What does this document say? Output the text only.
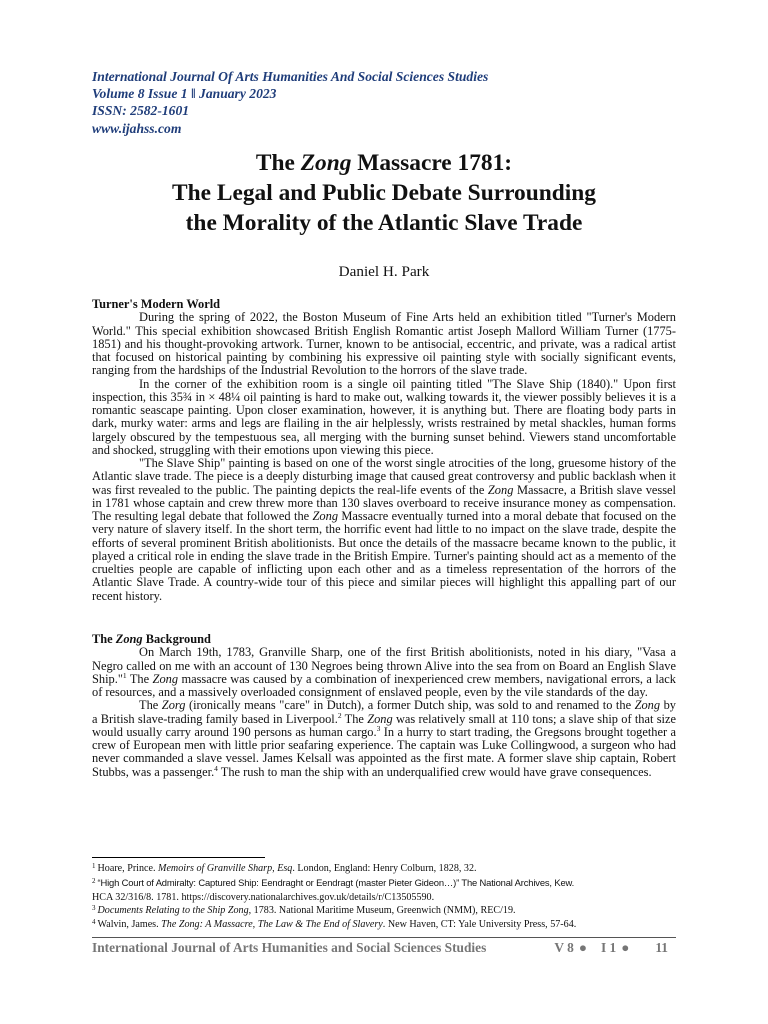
International Journal Of Arts Humanities And Social Sciences Studies
Volume 8 Issue 1 ‖ January 2023
ISSN: 2582-1601
www.ijahss.com
The Zong Massacre 1781:
The Legal and Public Debate Surrounding
the Morality of the Atlantic Slave Trade
Daniel H. Park
Turner's Modern World

During the spring of 2022, the Boston Museum of Fine Arts held an exhibition titled "Turner's Modern World." This special exhibition showcased British English Romantic artist Joseph Mallord William Turner (1775-1851) and his thought-provoking artwork. Turner, known to be antisocial, eccentric, and private, was a radical artist that focused on historical painting by combining his expressive oil painting style with socially significant events, ranging from the hardships of the Industrial Revolution to the horrors of the slave trade.

In the corner of the exhibition room is a single oil painting titled "The Slave Ship (1840)." Upon first inspection, this 35¾ in × 48¼ oil painting is hard to make out, walking towards it, the viewer possibly believes it is a romantic seascape painting. Upon closer examination, however, it is anything but. There are floating body parts in dark, murky water: arms and legs are flailing in the air helplessly, wrists restrained by metal shackles, human forms largely obscured by the tempestuous sea, all merging with the burning sunset behind. Viewers stand uncomfortable and shocked, struggling with their emotions upon viewing this piece.

"The Slave Ship" painting is based on one of the worst single atrocities of the long, gruesome history of the Atlantic slave trade. The piece is a deeply disturbing image that caused great controversy and public backlash when it was first revealed to the public. The painting depicts the real-life events of the Zong Massacre, a British slave vessel in 1781 whose captain and crew threw more than 130 slaves overboard to receive insurance money as compensation. The resulting legal debate that followed the Zong Massacre eventually turned into a moral debate that focused on the very nature of slavery itself. In the short term, the horrific event had little to no impact on the slave trade, despite the efforts of several prominent British abolitionists. But once the details of the massacre became known to the public, it played a critical role in ending the slave trade in the British Empire. Turner's painting should act as a memento of the cruelties people are capable of inflicting upon each other and as a timeless representation of the horrors of the Atlantic Slave Trade. A country-wide tour of this piece and similar pieces will highlight this appalling part of our recent history.

The Zong Background

On March 19th, 1783, Granville Sharp, one of the first British abolitionists, noted in his diary, "Vasa a Negro called on me with an account of 130 Negroes being thrown Alive into the sea from on Board an English Slave Ship."$^1$ The Zong massacre was caused by a combination of inexperienced crew members, navigational errors, a lack of resources, and a massively overloaded consignment of enslaved people, even by the vile standards of the day.

The Zorg (ironically means "care" in Dutch), a former Dutch ship, was sold to and renamed to the Zong by a British slave-trading family based in Liverpool.$^2$ The Zong was relatively small at 110 tons; a slave ship of that size would usually carry around 190 persons as human cargo.$^3$ In a hurry to start trading, the Gregsons brought together a crew of European men with little prior seafaring experience. The captain was Luke Collingwood, a surgeon who had never commanded a slave vessel. James Kelsall was appointed as the first mate. A former slave ship captain, Robert Stubbs, was a passenger.$^4$ The rush to man the ship with an underqualified crew would have grave consequences.

$^1$ Hoare, Prince. Memoirs of Granville Sharp, Esq. London, England: Henry Colburn, 1828, 32.
$^2$ “High Court of Admiralty: Captured Ship: Eendraght or Eendragt (master Pieter Gideon…)” The National Archives, Kew.
HCA 32/316/8. 1781. https://discovery.nationalarchives.gov.uk/details/r/C13505590.
$^3$ Documents Relating to the Ship Zong, 1783. National Maritime Museum, Greenwich (NMM), REC/19.
$^4$ Walvin, James. The Zong: A Massacre, The Law & The End of Slavery. New Haven, CT: Yale University Press, 57-64.
International Journal of Arts Humanities and Social Sciences Studies	V 8 ● I 1 ● 11
